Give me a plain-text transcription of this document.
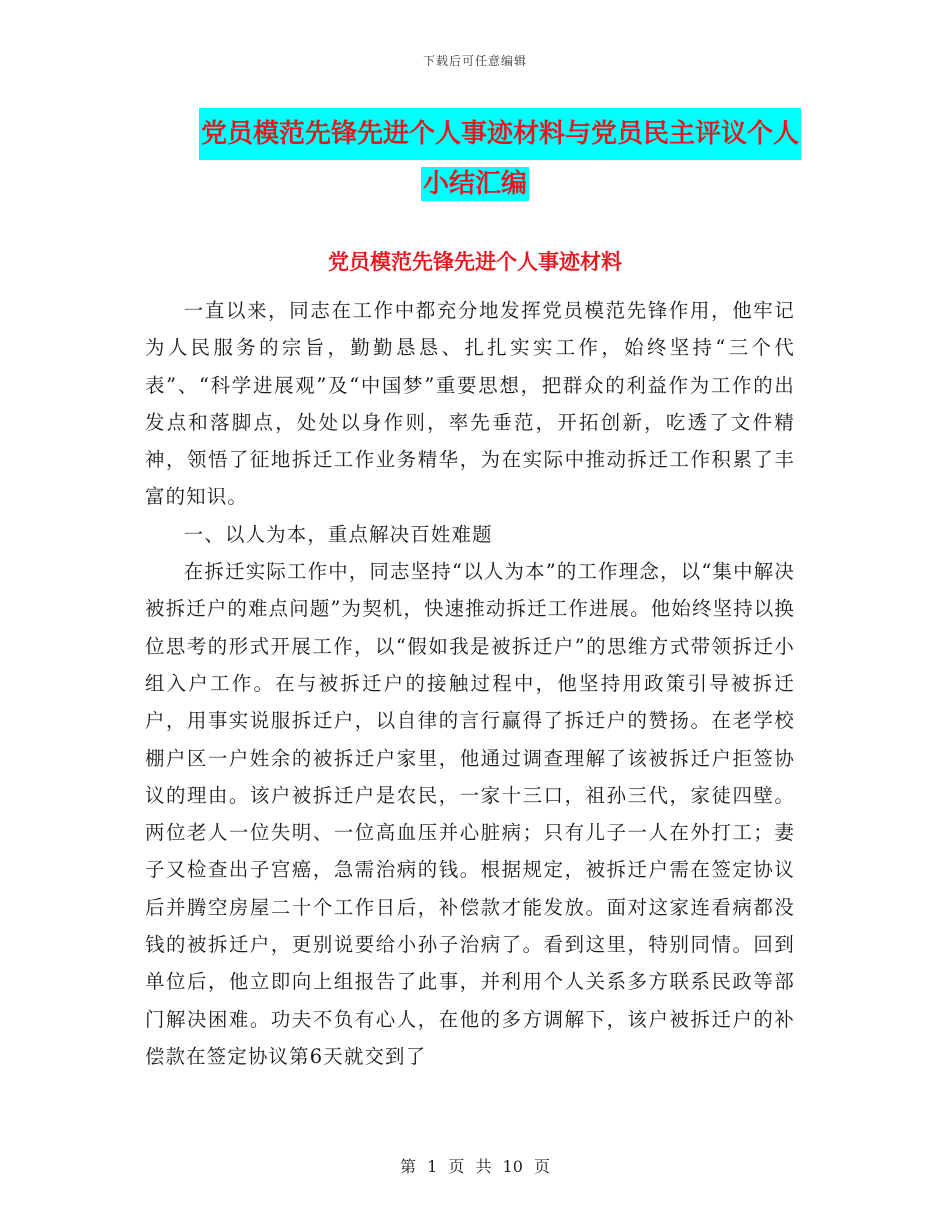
下载后可任意编辑
党员模范先锋先进个人事迹材料与党员民主评议个人
小结汇编
党员模范先锋先进个人事迹材料

一直以来，同志在工作中都充分地发挥党员模范先锋作用，他牢记为人民服务的宗旨，勤勤恳恳、扎扎实实工作，始终坚持“三个代表”、“科学进展观”及“中国梦”重要思想，把群众的利益作为工作的出发点和落脚点，处处以身作则，率先垂范，开拓创新，吃透了文件精神，领悟了征地拆迁工作业务精华，为在实际中推动拆迁工作积累了丰富的知识。

一、以人为本，重点解决百姓难题

在拆迁实际工作中，同志坚持“以人为本”的工作理念，以“集中解决被拆迁户的难点问题”为契机，快速推动拆迁工作进展。他始终坚持以换位思考的形式开展工作，以“假如我是被拆迁户”的思维方式带领拆迁小组入户工作。在与被拆迁户的接触过程中，他坚持用政策引导被拆迁户，用事实说服拆迁户，以自律的言行赢得了拆迁户的赞扬。在老学校棚户区一户姓余的被拆迁户家里，他通过调查理解了该被拆迁户拒签协议的理由。该户被拆迁户是农民，一家十三口，祖孙三代，家徒四壁。两位老人一位失明、一位高血压并心脏病；只有儿子一人在外打工；妻子又检查出子宫癌，急需治病的钱。根据规定，被拆迁户需在签定协议后并腾空房屋二十个工作日后，补偿款才能发放。面对这家连看病都没钱的被拆迁户，更别说要给小孙子治病了。看到这里，特别同情。回到单位后，他立即向上组报告了此事，并利用个人关系多方联系民政等部门解决困难。功夫不负有心人，在他的多方调解下，该户被拆迁户的补偿款在签定协议第6天就交到了

第 1 页 共 10 页
